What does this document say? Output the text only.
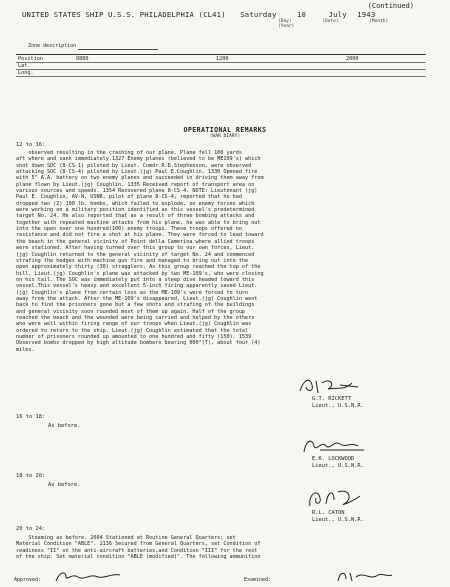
(Continued)
UNITED STATES SHIP U.S.S. PHILADELPHIA (CL41) Saturday	10	July 1943
(Day)	(Date)	(Month) (Year)
Zone description
Position	0800	1200	2000
Lat.
Long.
OPERATIONAL REMARKS
(WAR DIARY)
12 to 16:
observed resulting in the crashing of our plane. Plane fell 100 yards
aft where and sank immediately.1327 Enemy planes (believed to be ME109's) which
shot down SOC (8-CS-1) piloted by Lieut. Comdr R.D.Stephenson, were observed
attacking SOC (8-CS-4) piloted by Lieut.(jg) Paul E.Coughlin. 1330 Opened fire
with 5" A.A. battery on two enemy planes and succeeded in driving them away from
plane flown by Lieut.(jg) Coughlin. 1335 Received report of transport area on
various sources and speeds. 1354 Recovered plane 8-CS-4. NOTE: Lieutenant (jg)
Paul E. Coughlin, AV-N, USNR, pilot of plane 8-CS-4, reported that he had
dropped two (2) 100 lb. bombs, which failed to explode, on enemy forces which
were working on a military position identified as this vessel's predetermined
target No. 24. He also reported that as a result of three bombing attacks and
together with repeated machine attacks from his plane, he was able to bring out
into the open over one hundred(100) enemy troops. These troops offered no
resistance and did not fire a shot at his plane. They were forced to lead toward
the beach in the general vicinity of Point della Camerina where allied troops
were stationed. After having turned over this group to our own forces, Lieut.
(jg) Coughlin returned to the general vicinity of target No. 24 and commenced
strafing the hedges with machine gun fire and managed to bring out into the
open approximately thirty (30) stragglers. As this group reached the top of the
hill, Lieut.(jg) Coughlin's plane was attacked by two ME-109's, who were closing
on his tail. The SOC was immediately put into a steep dive headed toward this
vessel.This vessel's heavy and excellent 5-inch firing apparently saved Lieut.
(jg) Coughlin's plane from certain loss as the ME-109's were forced to turn
away from the attack. After the ME-109's disappeared, Lieut.(jg) Coughlin went
back to find the prisoners gone but a few shots and strafing of the buildings
and general vicinity soon rounded most of them up again. Half of the group
reached the beach and the wounded were being carried and helped by the others
who were well within firing range of our troops when Lieut.(jg) Coughlin was
ordered to return to the ship. Lieut.(jg) Coughlin estimated that the total
number of prisoners rounded up amounted to one hundred and fifty (150). 1539
Observed bombs dropped by high altitude bombers bearing 000°(T), about four (4)
miles.
G.T. RICKETT
Lieut., U.S.N.R.
16 to 18:
As before.
E.K. LOCKWOOD
Lieut., U.S.N.R.
18 to 20:
As before.
R.L. CATON
Lieut., U.S.N.R.
20 to 24:
Steaming as before. 2004 Stationed at Routine General Quarters; set
Material Condition "ABLE". 2136 Secured from General Quarters, set Condition of
readiness "II" on the anti-aircraft batteries,and Condition "III" for the rest
of the ship. Set material condition "ABLE (modified)". The following ammunition
Approved:	Examined:
